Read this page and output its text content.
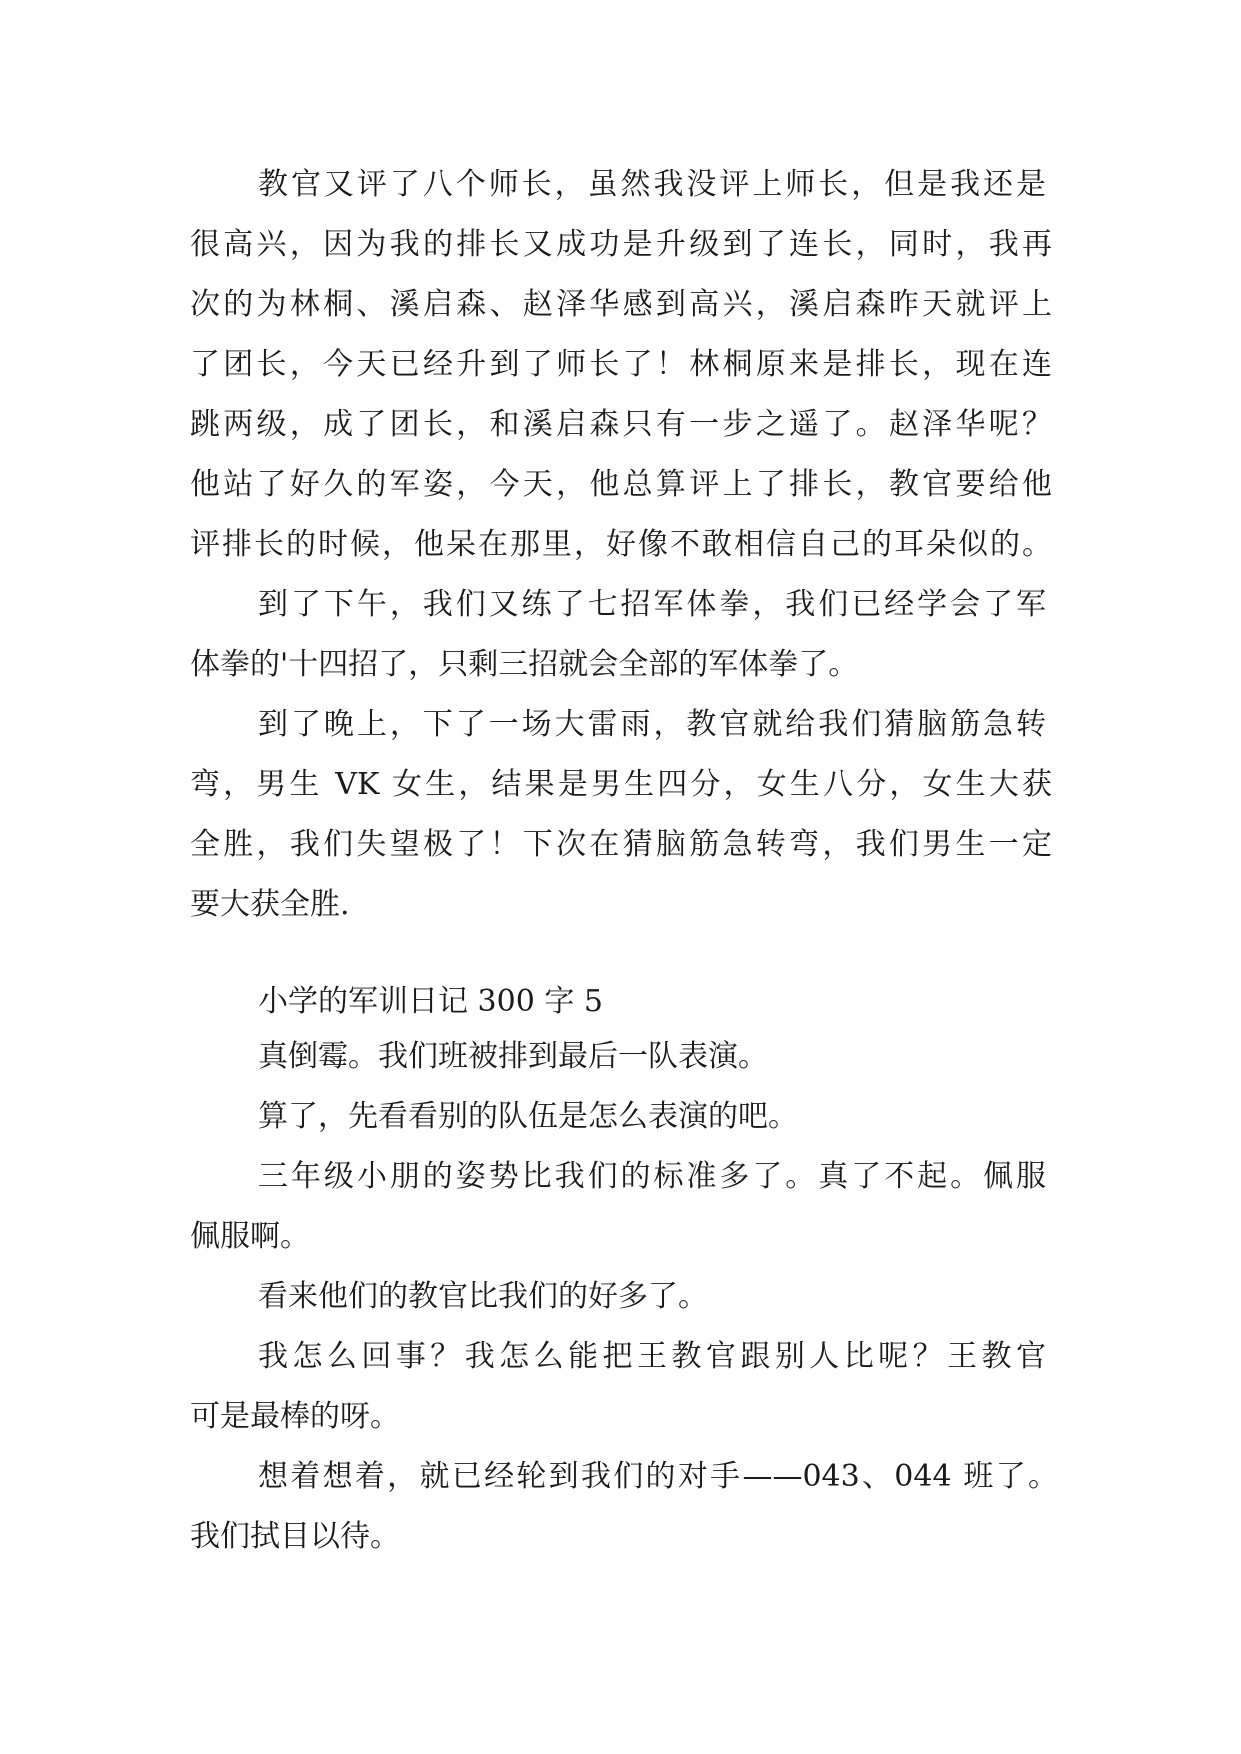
教官又评了八个师长，虽然我没评上师长，但是我还是
很高兴，因为我的排长又成功是升级到了连长，同时，我再
次的为林桐、溪启森、赵泽华感到高兴，溪启森昨天就评上
了团长，今天已经升到了师长了！林桐原来是排长，现在连
跳两级，成了团长，和溪启森只有一步之遥了。赵泽华呢？
他站了好久的军姿，今天，他总算评上了排长，教官要给他
评排长的时候，他呆在那里，好像不敢相信自己的耳朵似的。
到了下午，我们又练了七招军体拳，我们已经学会了军
体拳的'十四招了，只剩三招就会全部的军体拳了。
到了晚上，下了一场大雷雨，教官就给我们猜脑筋急转
弯，男生 VK 女生，结果是男生四分，女生八分，女生大获
全胜，我们失望极了！下次在猜脑筋急转弯，我们男生一定
要大获全胜.
小学的军训日记 300 字 5
真倒霉。我们班被排到最后一队表演。
算了，先看看别的队伍是怎么表演的吧。
三年级小朋的姿势比我们的标准多了。真了不起。佩服
佩服啊。
看来他们的教官比我们的好多了。
我怎么回事？我怎么能把王教官跟别人比呢？王教官
可是最棒的呀。
想着想着，就已经轮到我们的对手——043、044 班了。
我们拭目以待。
